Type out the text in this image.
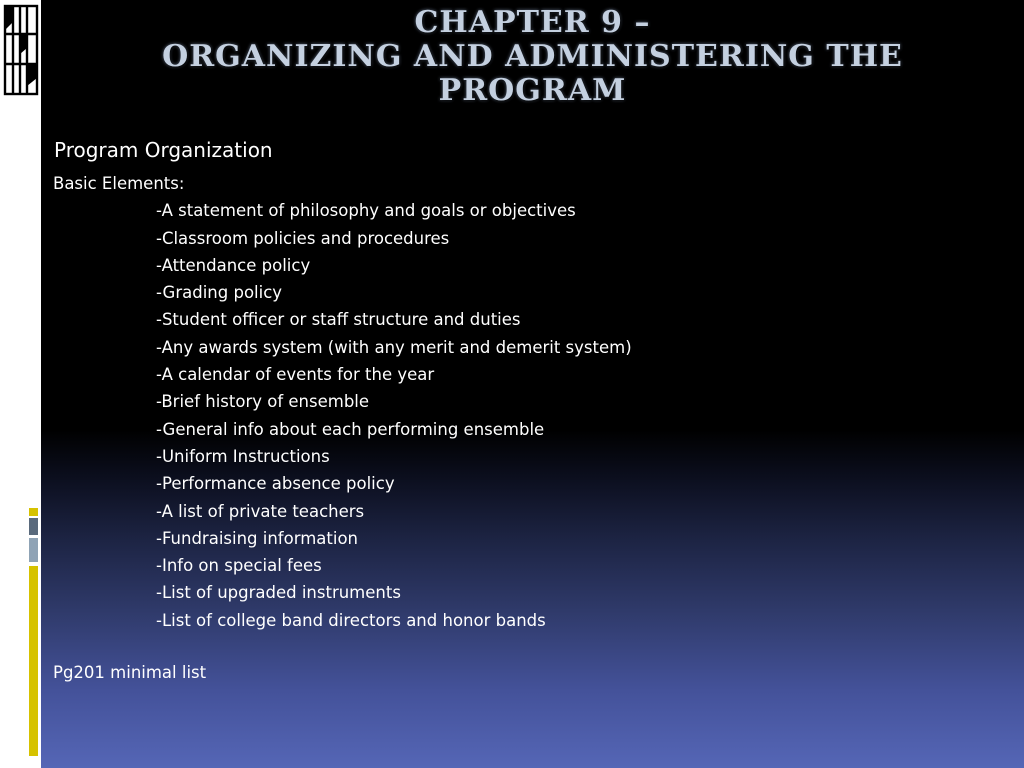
CHAPTER 9 –
ORGANIZING AND ADMINISTERING THE
PROGRAM

Program Organization

Basic Elements:
-A statement of philosophy and goals or objectives
-Classroom policies and procedures
-Attendance policy
-Grading policy
-Student officer or staff structure and duties
-Any awards system (with any merit and demerit system)
-A calendar of events for the year
-Brief history of ensemble
-General info about each performing ensemble
-Uniform Instructions
-Performance absence policy
-A list of private teachers
-Fundraising information
-Info on special fees
-List of upgraded instruments
-List of college band directors and honor bands

Pg201 minimal list
